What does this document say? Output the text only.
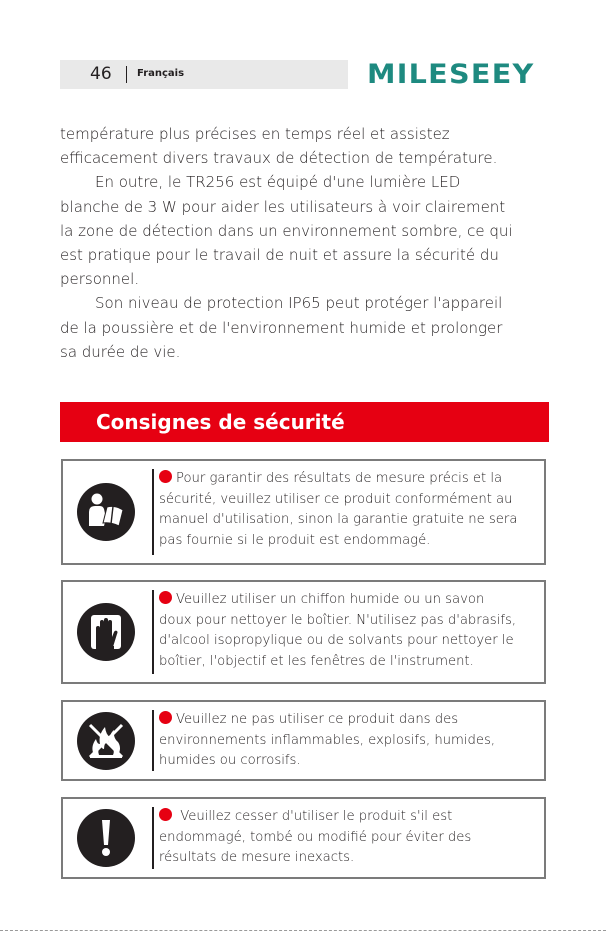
46	Français	MILESEEY

température plus précises en temps réel et assistez

efficacement divers travaux de détection de température.

En outre, le TR256 est équipé d'une lumière LED

blanche de 3 W pour aider les utilisateurs à voir clairement

la zone de détection dans un environnement sombre, ce qui

est pratique pour le travail de nuit et assure la sécurité du

personnel.

Son niveau de protection IP65 peut protéger l'appareil

de la poussière et de l'environnement humide et prolonger

sa durée de vie.

Consignes de sécurité
Pour garantir des résultats de mesure précis et la
sécurité, veuillez utiliser ce produit conformément au
manuel d'utilisation, sinon la garantie gratuite ne sera
pas fournie si le produit est endommagé.
Veuillez utiliser un chiffon humide ou un savon
doux pour nettoyer le boîtier. N'utilisez pas d'abrasifs,
d'alcool isopropylique ou de solvants pour nettoyer le
boîtier, l'objectif et les fenêtres de l'instrument.
Veuillez ne pas utiliser ce produit dans des
environnements inflammables, explosifs, humides,
humides ou corrosifs.
Veuillez cesser d'utiliser le produit s'il est
endommagé, tombé ou modifié pour éviter des
résultats de mesure inexacts.
